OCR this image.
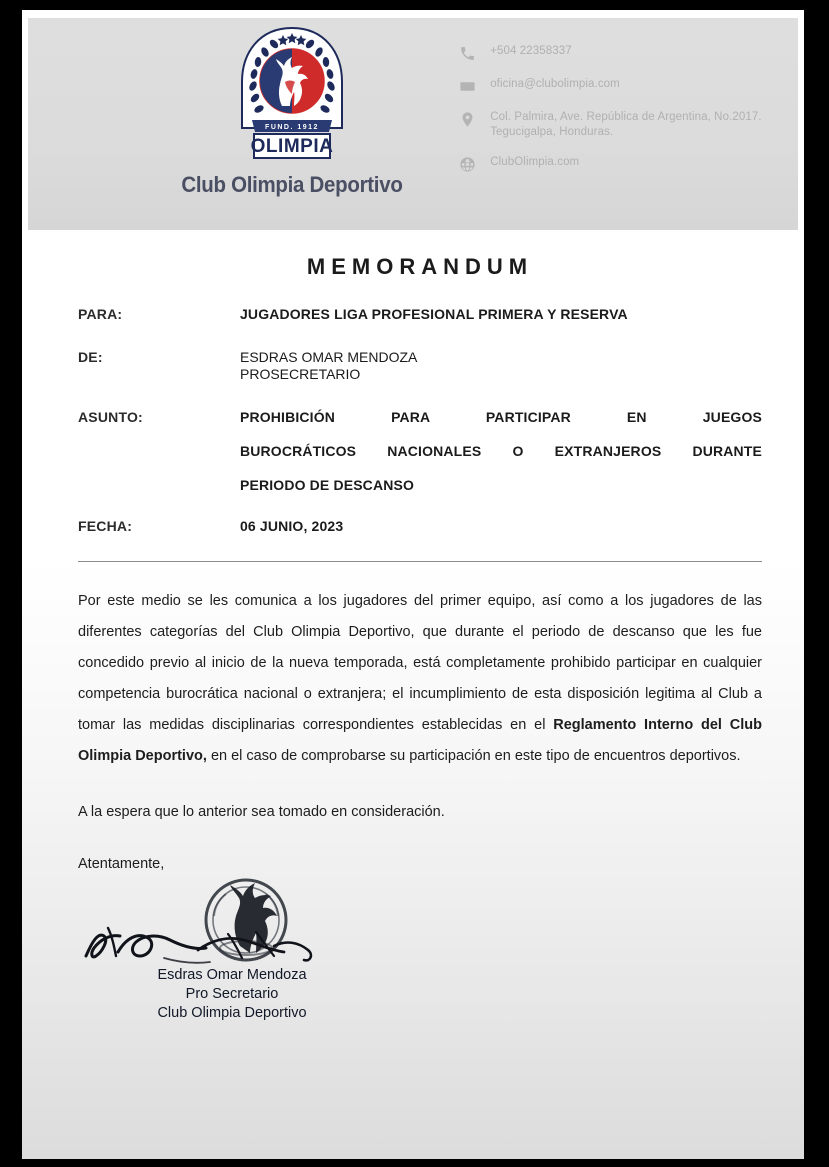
FUND. 1912
OLIMPIA
Club Olimpia Deportivo
+504 22358337
oficina@clubolimpia.com
Col. Palmira, Ave. República de Argentina, No.2017. Tegucigalpa, Honduras.
ClubOlimpia.com
MEMORANDUM
PARA:	JUGADORES LIGA PROFESIONAL PRIMERA Y RESERVA
DE:	ESDRAS OMAR MENDOZA
PROSECRETARIO
ASUNTO:	PROHIBICIÓN PARA PARTICIPAR EN JUEGOS
BUROCRÁTICOS NACIONALES O EXTRANJEROS DURANTE
PERIODO DE DESCANSO
FECHA:	06 JUNIO, 2023
Por este medio se les comunica a los jugadores del primer equipo, así como a los jugadores de las diferentes categorías del Club Olimpia Deportivo, que durante el periodo de descanso que les fue concedido previo al inicio de la nueva temporada, está completamente prohibido participar en cualquier competencia burocrática nacional o extranjera; el incumplimiento de esta disposición legitima al Club a tomar las medidas disciplinarias correspondientes establecidas en el Reglamento Interno del Club Olimpia Deportivo, en el caso de comprobarse su participación en este tipo de encuentros deportivos.
A la espera que lo anterior sea tomado en consideración.
Atentamente,
Esdras Omar Mendoza
Pro Secretario
Club Olimpia Deportivo
